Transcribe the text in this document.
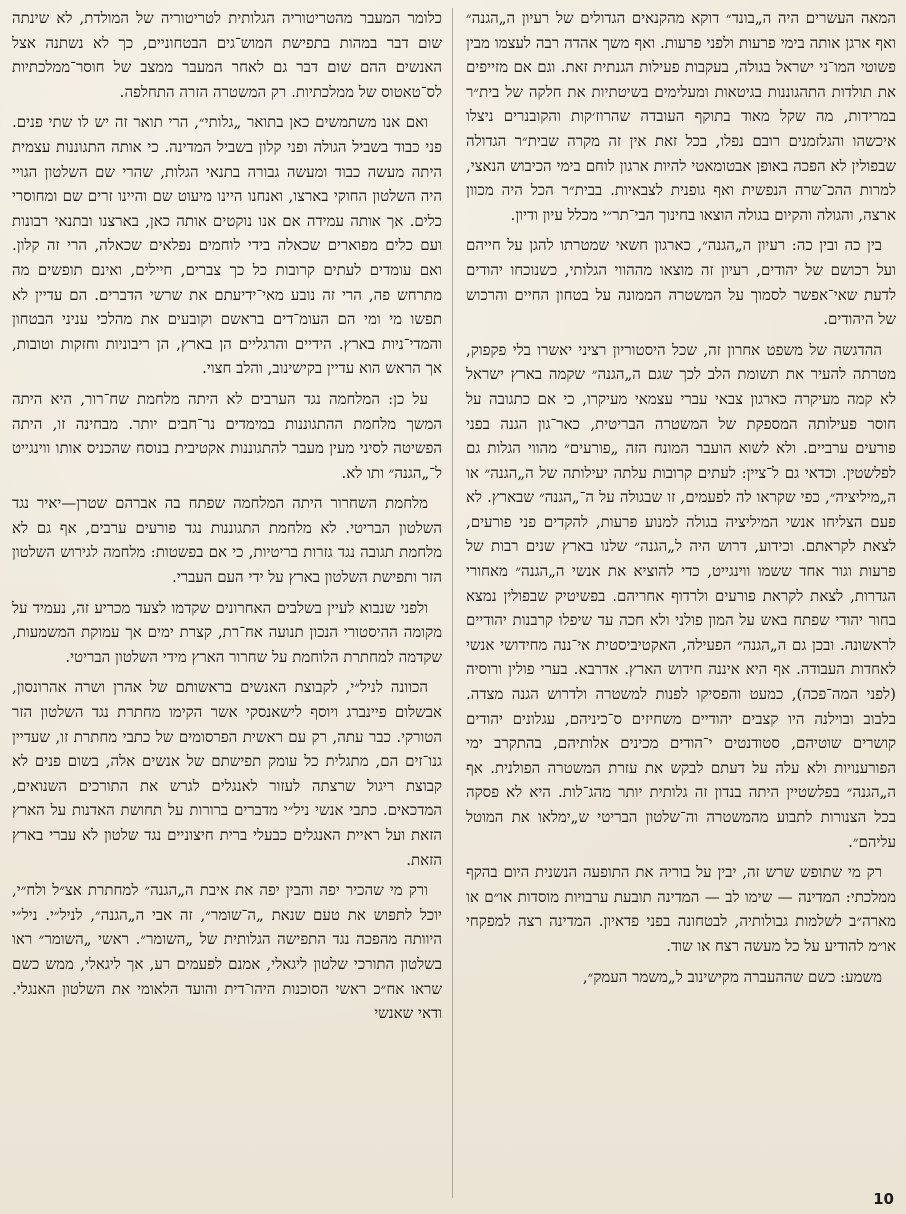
המאה העשרים היה ה„בונד״ דוקא מהקנאים הגדולים של רעיון ה„הגנה״ ואף ארגן אותה בימי פרעות ולפני פרעות. ואף משך אהדה רבה לעצמו מבין פשוטי המו־ני ישראל בגולה, בעקבות פעילות הגנתית זאת. וגם אם מזייפים את תולדות התהגוננות בגיטאות ומעלימים בשיטתיות את חלקה של בית״ר במרידות, מה שקל מאוד בתוקף העובדה שהרוז׳קות והקובנרים ניצלו איכשהו והגלזמנים רובם נפלו, בכל זאת אין זה מקרה שבית״ר הגדולה שבפולין לא הפכה באופן אבטומאטי להיות ארגון לוחם בימי הכיבוש הנאצי, למרות ההכ־שרה הנפשית ואף גופנית לצבאיות. בבית״ר הכל היה מכוון ארצה, והגולה והקיום בגולה הוצאו בחינוך הבי־תר״י מכלל עיון ודיון.

בין כה ובין כה: רעיון ה„הגנה״, כארגון חשאי שמטרתו להגן על חייהם ועל רכושם של יהודים, רעיון זה מוצאו מההווי הגלותי, כשנוכחו יהודים לדעת שאי־אפשר לסמוך על המשטרה הממונה על בטחון החיים והרכוש של היהודים.

ההדגשה של משפט אחרון זה, שכל היסטוריון רציני יאשרו בלי פקפוק, מטרתה להעיר את תשומת הלב לכך שגם ה„הגנה״ שקמה בארץ ישראל לא קמה מעיקרה כארגון צבאי עברי עצמאי מעיקרו, כי אם כתגובה על חוסר פעילותה המספקת של המשטרה הבריטית, כאר־גון הגנה בפני פורעים ערביים. ולא לשוא הועבר המונח הזה „פורעים״ מהווי הגלות גם לפלשטין. וכדאי גם ל־ציין: לעתים קרובות עלתה יעילותה של ה„הגנה״ או ה„מיליציה״, כפי שקראו לה לפעמים, זו שבגולה על ה־„הגנה״ שבארץ. לא פעם הצליחו אנשי המיליציה בגולה למנוע פרעות, להקדים פני פורעים, לצאת לקראתם. וכידוע, דרוש היה ל„הגנה״ שלנו בארץ שנים רבות של פרעות וגור אחד ששמו ווינגייט, כדי להוציא את אנשי ה„הגנה״ מאחורי הגדרות, לצאת לקראת פורעים ולרדוף אחריהם. בפשיטיק שבפולין נמצא בחור יהודי שפתח באש על המון פולני ולא חכה עד שיפלו קרבנות יהודיים לראשונה. ובכן גם ה„הגנה״ הפעילה, האקטיביסטית אי־ננה מחידושי אנשי לאחדות העבודה. אף היא איננה חידוש הארץ. אדרבא. בערי פולין ורוסיה (לפני המה־פכה), כמעט והפסיקו לפנות למשטרה ולדרוש הגנה מצדה. בלבוב ובוילנה היו קצבים יהודיים משחיזים ס־כיניהם, עגלונים יהודים קושרים שוטיהם, סטודנטים י־הודים מכינים אלותיהם, בהתקרב ימי הפורענויות ולא עלה על דעתם לבקש את עזרת המשטרה הפולנית. אף ה„הגנה״ בפלשטיין היתה בנדון זה גלותית יותר מהג־לות. היא לא פסקה בכל הצנורות לתבוע מהמשטרה וה־שלטון הבריטי ש„ימלאו את המוטל עליהם״.

רק מי שתופש שרש זה, יבין על בוריה את התופעה הנשנית היום בהקף ממלכתי: המדינה — שימו לב — המדינה תובעת ערבויות מוסדות או״ם או מארה״ב לשלמות גבולותיה, לבטחונה בפני פדאיון. המדינה רצה למפקחי או״מ להודיע על כל מעשה רצח או שוד.

משמע: כשם שההעברה מקישינוב ל„משמר העמק״,

כלומר המעבר מהטריטוריה הגלותית לטריטוריה של המולדת, לא שינתה שום דבר במהות בתפישת המוש־גים הבטחוניים, כך לא נשתנה אצל האנשים ההם שום דבר גם לאחר המעבר ממצב של חוסר־ממלכתיות לס־טאטוס של ממלכתיות. רק המשטרה הזרה התחלפה.

ואם אנו משתמשים כאן בתואר „גלותי״, הרי תואר זה יש לו שתי פנים. פני כבוד בשביל הגולה ופני קלון בשביל המדינה. כי אותה התגוננות עצמית היתה מעשה כבוד ומעשה גבורה בתנאי הגלות, שהרי שם השלטון הגויי היה השלטון החוקי בארצו, ואנחנו היינו מיעוט שם והיינו זרים שם ומחוסרי כלים. אך אותה עמידה אם אנו נוקטים אותה כאן, בארצנו ובתנאי רבונות ועם כלים מפוארים שכאלה בידי לוחמים נפלאים שכאלה, הרי זה קלון. ואם עומדים לעתים קרובות כל כך צברים, חיילים, ואינם תופשים מה מתרחש פה, הרי זה נובע מאי־ידיעתם את שרשי הדברים. הם עדיין לא תפשו מי ומי הם העומ־דים בראשם וקובעים את מהלכי עניני הבטחון והמדי־ניות בארץ. הידיים והרגליים הן בארץ, הן ריבוניות וחזקות וטובות, אך הראש הוא עדיין בקישינוב, והלב חצוי.

על כן: המלחמה נגד הערבים לא היתה מלחמת שח־רור, היא היתה המשך מלחמת ההתגוננות במימדים נר־חבים יותר. מבחינה זו, היתה הפשיטה לסיני מעין מעבר להתגוננות אקטיבית בנוסח שהכניס אותו ווינגייט ל־„הגנה״ ותו לא.

מלחמת השחרור היתה המלחמה שפתח בה אברהם שטרן—יאיר נגד השלטון הבריטי. לא מלחמת התגוננות נגד פורעים ערבים, אף גם לא מלחמת תגובה נגד גזרות בריטיות, כי אם בפשטות: מלחמה לגירוש השלטון הזר ותפישת השלטון בארץ על ידי העם העברי.

ולפני שנבוא לעיין בשלבים האחרונים שקדמו לצעד מכריע זה, נעמיד על מקומה ההיסטורי הנכון תנועה אח־רת, קצרת ימים אך עמוקת המשמעות, שקדמה למחתרת הלוחמת על שחרור הארץ מידי השלטון הבריטי.

הכוונה לניל״י, לקבוצת האנשים בראשותם של אהרן ושרה אהרונסון, אבשלום פיינברג ויוסף לישאנסקי אשר הקימו מחתרת נגד השלטון הזר הטורקי. כבר עתה, רק עם ראשית הפרסומים של כתבי מחתרת זו, שעדיין גנו־זים הם, מתגלית כל עומק תפישתם של אנשים אלה, בשום פנים לא קבוצת ריגול שרצתה לעזור לאנגלים לגרש את התורכים השנואים, המדכאים. כתבי אנשי ניל״י מדברים ברורות על תחושת האדנות על הארץ הזאת ועל ראיית האנגלים כבעלי ברית חיצוניים נגד שלטון לא עברי בארץ הזאת.

ורק מי שהכיר יפה והבין יפה את איבת ה„הגנה״ למחתרת אצ״ל ולח״י, יוכל לתפוש את טעם שנאת „ה־שומר״, זה אבי ה„הגנה״, לניל״י. ניל״י היוותה מהפכה נגד התפישה הגלותית של „השומר״. ראשי „השומר״ ראו בשלטון התורכי שלטון ליגאלי, אמנם לפעמים רע, אך ליגאלי, ממש כשם שראו אח״כ ראשי הסוכנות היהו־דית והועד הלאומי את השלטון האנגלי. ודאי שאנשי

10
